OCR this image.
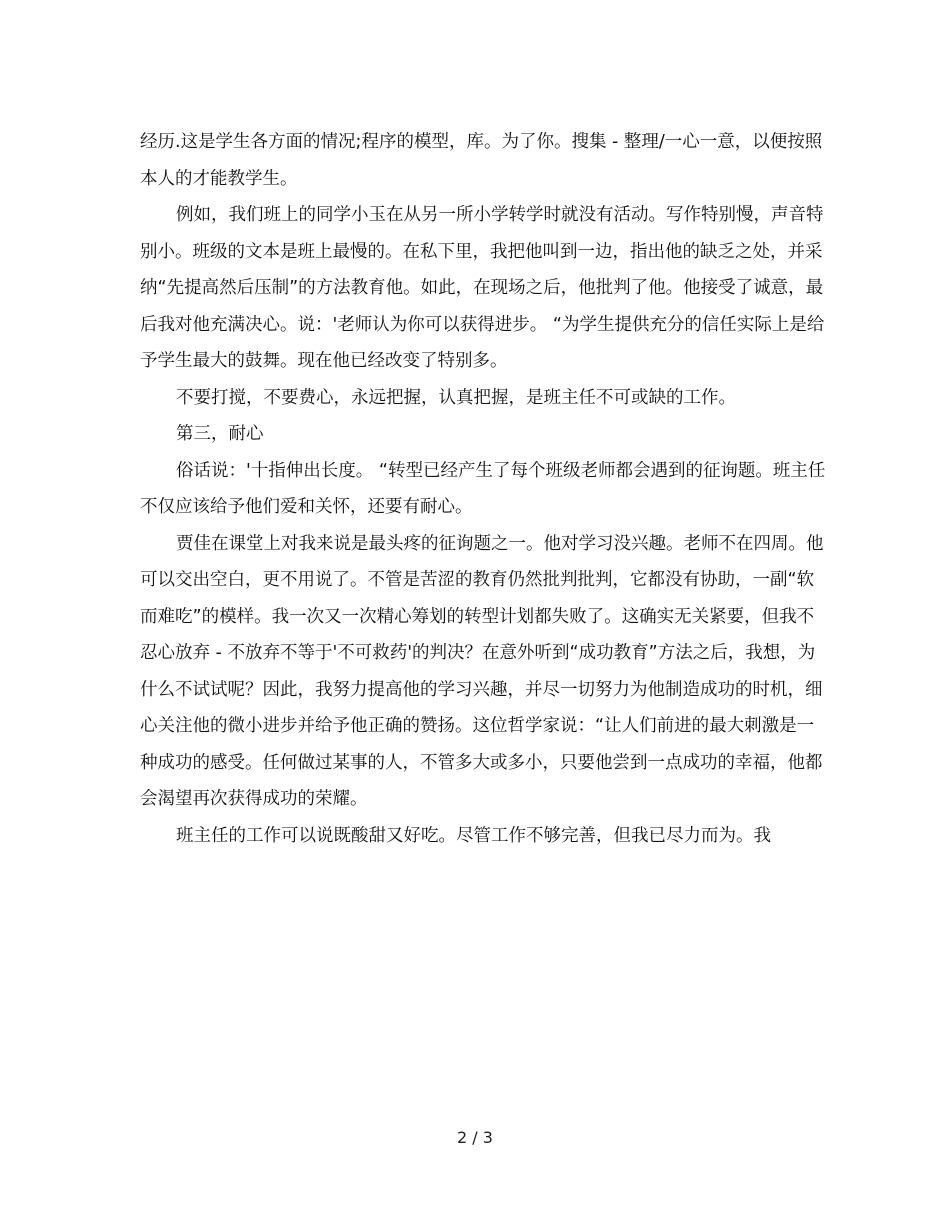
经历.这是学生各方面的情况;程序的模型，库。为了你。搜集 - 整理/一心一意，以便按照本人的才能教学生。

例如，我们班上的同学小玉在从另一所小学转学时就没有活动。写作特别慢，声音特别小。班级的文本是班上最慢的。在私下里，我把他叫到一边，指出他的缺乏之处，并采纳“先提高然后压制”的方法教育他。如此，在现场之后，他批判了他。他接受了诚意，最后我对他充满决心。说：'老师认为你可以获得进步。 “为学生提供充分的信任实际上是给予学生最大的鼓舞。现在他已经改变了特别多。

不要打搅，不要费心，永远把握，认真把握，是班主任不可或缺的工作。

第三，耐心

俗话说：'十指伸出长度。 “转型已经产生了每个班级老师都会遇到的征询题。班主任不仅应该给予他们爱和关怀，还要有耐心。

贾佳在课堂上对我来说是最头疼的征询题之一。他对学习没兴趣。老师不在四周。他可以交出空白，更不用说了。不管是苦涩的教育仍然批判批判，它都没有协助，一副“软而难吃”的模样。我一次又一次精心筹划的转型计划都失败了。这确实无关紧要，但我不忍心放弃 - 不放弃不等于'不可救药'的判决？在意外听到“成功教育”方法之后，我想，为什么不试试呢？因此，我努力提高他的学习兴趣，并尽一切努力为他制造成功的时机，细心关注他的微小进步并给予他正确的赞扬。这位哲学家说：“让人们前进的最大刺激是一种成功的感受。任何做过某事的人，不管多大或多小，只要他尝到一点成功的幸福，他都会渴望再次获得成功的荣耀。

班主任的工作可以说既酸甜又好吃。尽管工作不够完善，但我已尽力而为。我

2 / 3
